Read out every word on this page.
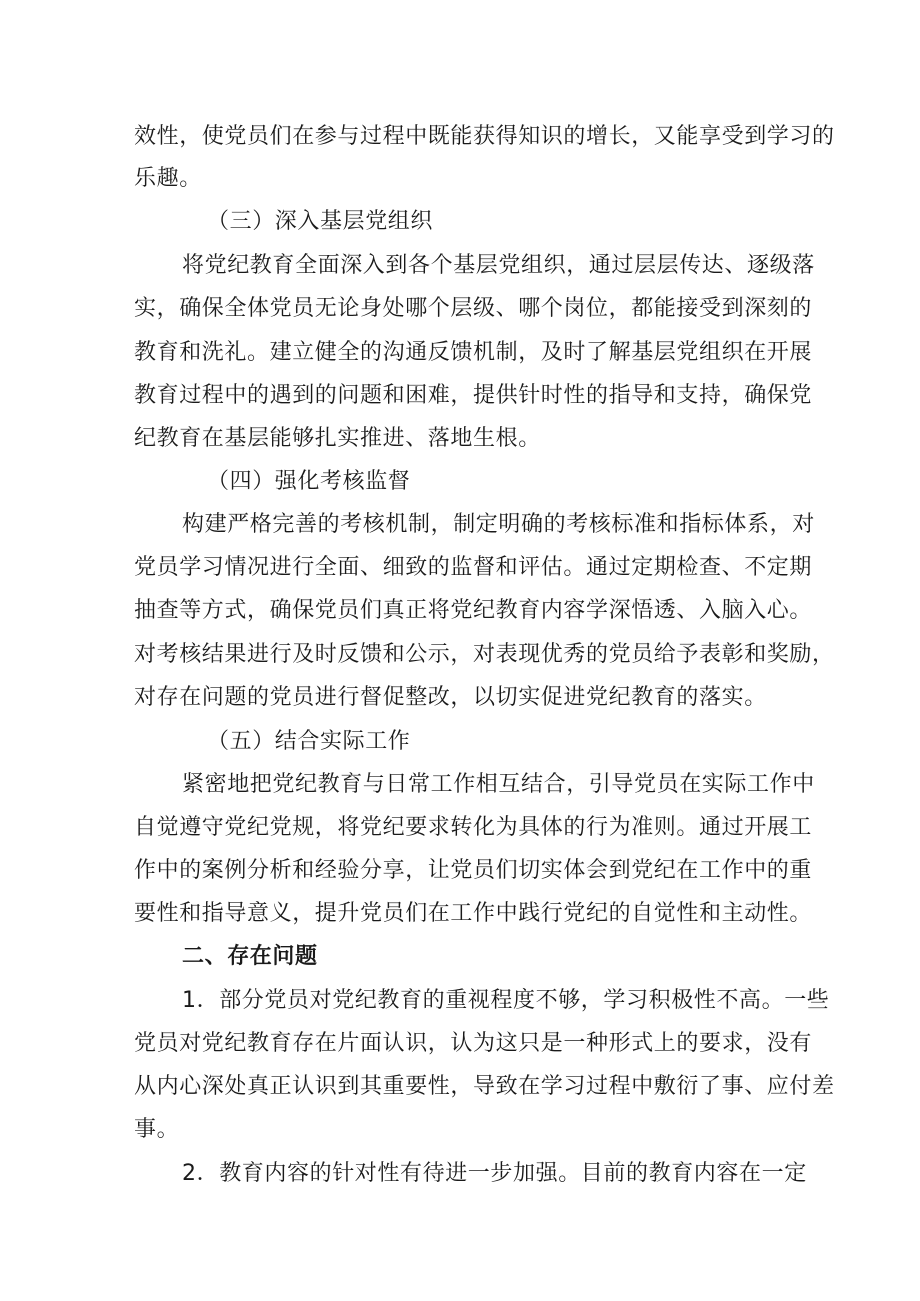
效性，使党员们在参与过程中既能获得知识的增长，又能享受到学习的
乐趣。
（三）深入基层党组织
将党纪教育全面深入到各个基层党组织，通过层层传达、逐级落
实，确保全体党员无论身处哪个层级、哪个岗位，都能接受到深刻的
教育和洗礼。建立健全的沟通反馈机制，及时了解基层党组织在开展
教育过程中的遇到的问题和困难，提供针时性的指导和支持，确保党
纪教育在基层能够扎实推进、落地生根。
（四）强化考核监督
构建严格完善的考核机制，制定明确的考核标准和指标体系，对
党员学习情况进行全面、细致的监督和评估。通过定期检查、不定期
抽查等方式，确保党员们真正将党纪教育内容学深悟透、入脑入心。
对考核结果进行及时反馈和公示，对表现优秀的党员给予表彰和奖励，
对存在问题的党员进行督促整改，以切实促进党纪教育的落实。
（五）结合实际工作
紧密地把党纪教育与日常工作相互结合，引导党员在实际工作中
自觉遵守党纪党规，将党纪要求转化为具体的行为准则。通过开展工
作中的案例分析和经验分享，让党员们切实体会到党纪在工作中的重
要性和指导意义，提升党员们在工作中践行党纪的自觉性和主动性。
二、存在问题
1．部分党员对党纪教育的重视程度不够，学习积极性不高。一些
党员对党纪教育存在片面认识，认为这只是一种形式上的要求，没有
从内心深处真正认识到其重要性，导致在学习过程中敷衍了事、应付差
事。
2．教育内容的针对性有待进一步加强。目前的教育内容在一定
